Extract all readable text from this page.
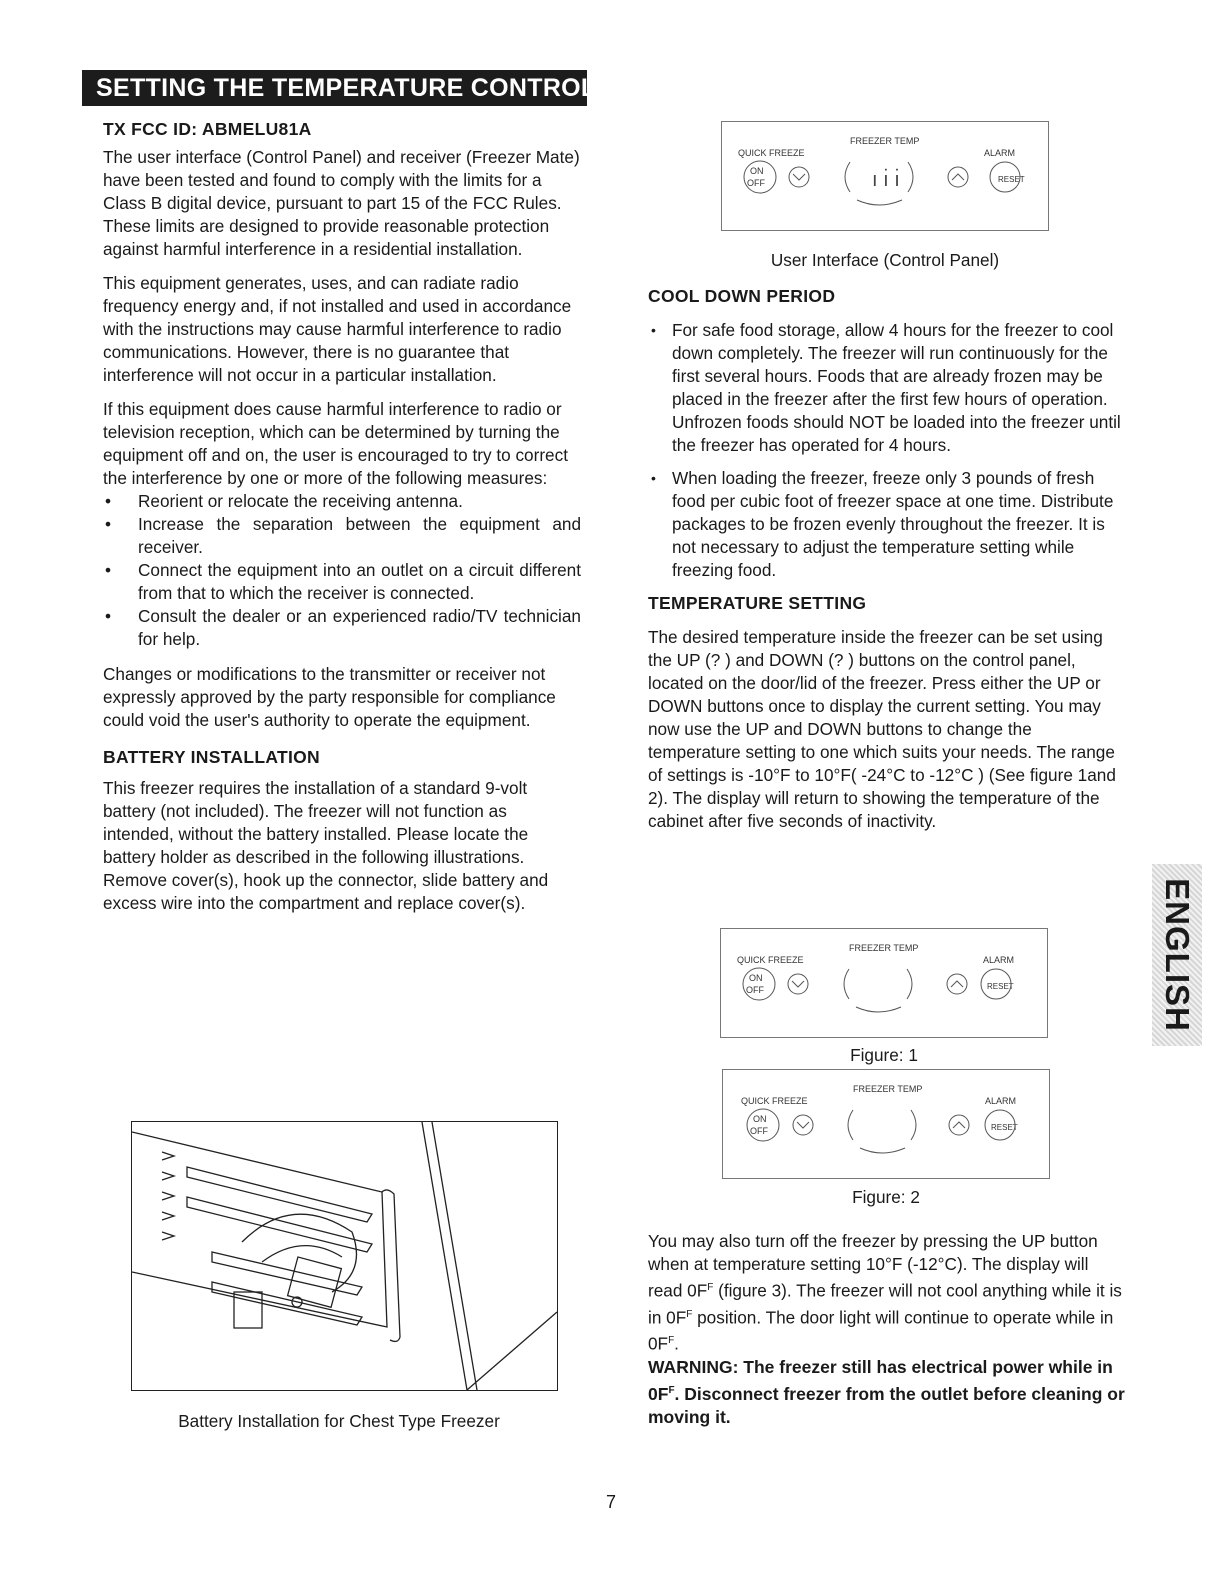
SETTING THE TEMPERATURE CONTROL
TX FCC ID: ABMELU81A

The user interface (Control Panel) and receiver (Freezer Mate) have been tested and found to comply with the limits for a Class B digital device, pursuant to part 15 of the FCC Rules. These limits are designed to provide reasonable protection against harmful interference in a residential installation.

This equipment generates, uses, and can radiate radio frequency energy and, if not installed and used in accordance with the instructions may cause harmful interference to radio communications. However, there is no guarantee that interference will not occur in a particular installation.

If this equipment does cause harmful interference to radio or television reception, which can be determined by turning the equipment off and on, the user is encouraged to try to correct the interference by one or more of the following measures:

• Reorient or relocate the receiving antenna.
• Increase the separation between the equipment and receiver.
• Connect the equipment into an outlet on a circuit different from that to which the receiver is connected.
• Consult the dealer or an experienced radio/TV technician for help.

Changes or modifications to the transmitter or receiver not expressly approved by the party responsible for compliance could void the user's authority to operate the equipment.

BATTERY INSTALLATION

This freezer requires the installation of a standard 9-volt battery (not included). The freezer will not function as intended, without the battery installed. Please locate the battery holder as described in the following illustrations. Remove cover(s), hook up the connector, slide battery and excess wire into the compartment and replace cover(s).

Battery Installation for Chest Type Freezer
QUICK FREEZE
FREEZER TEMP
ALARM
ON
OFF	RESET
ı ı̇ ı̇
User Interface (Control Panel)
COOL DOWN PERIOD
• For safe food storage, allow 4 hours for the freezer to cool down completely. The freezer will run continuously for the first several hours. Foods that are already frozen may be placed in the freezer after the first few hours of operation. Unfrozen foods should NOT be loaded into the freezer until the freezer has operated for 4 hours.
• When loading the freezer, freeze only 3 pounds of fresh food per cubic foot of freezer space at one time. Distribute packages to be frozen evenly throughout the freezer. It is not necessary to adjust the temperature setting while freezing food.
TEMPERATURE SETTING

The desired temperature inside the freezer can be set using the UP (? ) and DOWN (? ) buttons on the control panel, located on the door/lid of the freezer. Press either the UP or DOWN buttons once to display the current setting. You may now use the UP and DOWN buttons to change the temperature setting to one which suits your needs. The range of settings is -10°F to 10°F( -24°C to -12°C ) (See figure 1and 2). The display will return to showing the temperature of the cabinet after five seconds of inactivity.

QUICK FREEZE
FREEZER TEMP
ALARM
ON
OFF	RESET
Figure: 1
QUICK FREEZE
FREEZER TEMP
ALARM
ON
OFF	RESET
Figure: 2

You may also turn off the freezer by pressing the UP button when at temperature setting 10°F (-12°C). The display will read $0F^F$ (figure 3). The freezer will not cool anything while it is in $0F^F$ position. The door light will continue to operate while in $0F^F$.

WARNING: The freezer still has electrical power while in $0F^F$. Disconnect freezer from the outlet before cleaning or moving it.

ENGLISH
7
